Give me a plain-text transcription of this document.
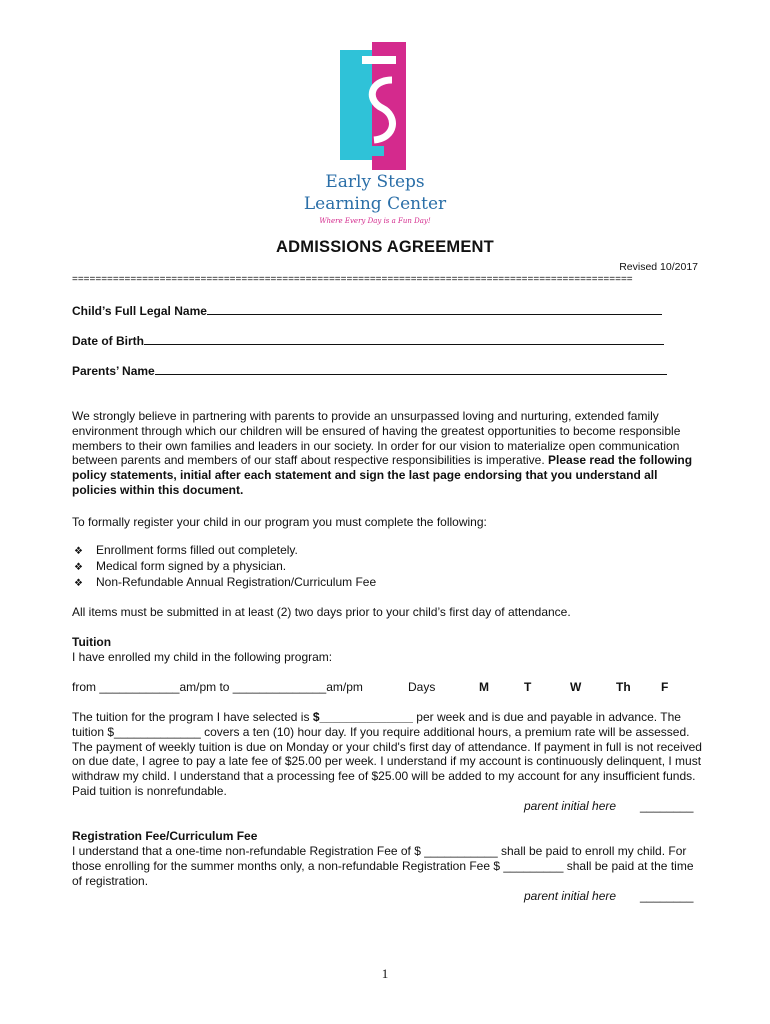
Early Steps
Learning Center
Where Every Day is a Fun Day!
ADMISSIONS AGREEMENT
Revised 10/2017
================================================================================================
Child’s Full Legal Name
Date of Birth
Parents’ Name

We strongly believe in partnering with parents to provide an unsurpassed loving and nurturing, extended family environment through which our children will be ensured of having the greatest opportunities to become responsible members to their own families and leaders in our society. In order for our vision to materialize open communication between parents and members of our staff about respective responsibilities is imperative. Please read the following policy statements, initial after each statement and sign the last page endorsing that you understand all policies within this document.

To formally register your child in our program you must complete the following:

❖ Enrollment forms filled out completely.
❖ Medical form signed by a physician.
❖ Non-Refundable Annual Registration/Curriculum Fee

All items must be submitted in at least (2) two days prior to your child’s first day of attendance.

Tuition
I have enrolled my child in the following program:
from ____________am/pm to ______________am/pm	Days	M	T	W	Th	F

The tuition for the program I have selected is $______________ per week and is due and payable in advance. The tuition $_____________ covers a ten (10) hour day. If you require additional hours, a premium rate will be assessed. The payment of weekly tuition is due on Monday or your child's first day of attendance. If payment in full is not received on due date, I agree to pay a late fee of $25.00 per week. I understand if my account is continuously delinquent, I must withdraw my child. I understand that a processing fee of $25.00 will be added to my account for any insufficient funds. Paid tuition is nonrefundable.

parent initial here ________
Registration Fee/Curriculum Fee

I understand that a one-time non-refundable Registration Fee of $ ___________ shall be paid to enroll my child. For those enrolling for the summer months only, a non-refundable Registration Fee $ _________ shall be paid at the time of registration.

parent initial here ________
1
